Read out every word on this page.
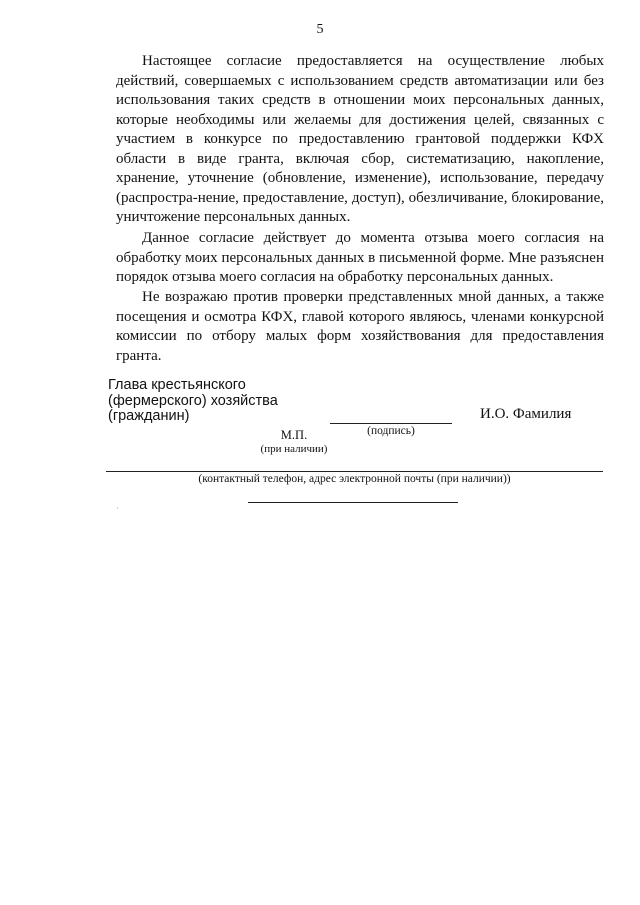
5

Настоящее согласие предоставляется на осуществление любых действий, совершаемых с использованием средств автоматизации или без использования таких средств в отношении моих персональных данных, которые необходимы или желаемы для достижения целей, связанных с участием в конкурсе по предоставлению грантовой поддержки КФХ области в виде гранта, включая сбор, систематизацию, накопление, хранение, уточнение (обновление, изменение), использование, передачу (распростра-нение, предоставление, доступ), обезличивание, блокирование, уничтожение персональных данных.

Данное согласие действует до момента отзыва моего согласия на обработку моих персональных данных в письменной форме. Мне разъяснен порядок отзыва моего согласия на обработку персональных данных.

Не возражаю против проверки представленных мной данных, а также посещения и осмотра КФХ, главой которого являюсь, членами конкурсной комиссии по отбору малых форм хозяйствования для предоставления гранта.

Глава крестьянского
(фермерского) хозяйства
(гражданин)
(подпись)
И.О. Фамилия
М.П.
(при наличии)
(контактный телефон, адрес электронной почты (при наличии))
·
